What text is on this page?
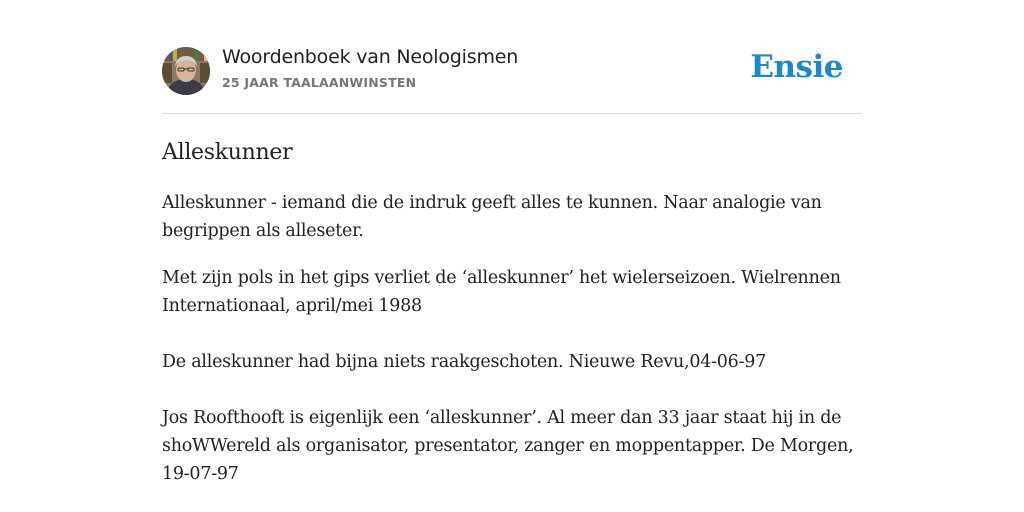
Woordenboek van Neologismen
25 JAAR TAALAANWINSTEN	Ensie
Alleskunner

Alleskunner - iemand die de indruk geeft alles te kunnen. Naar analogie van begrippen als alleseter.

Met zijn pols in het gips verliet de ‘alleskunner’ het wielerseizoen. Wielrennen Internationaal, april/mei 1988

De alleskunner had bijna niets raakgeschoten. Nieuwe Revu,04-06-97

Jos Roofthooft is eigenlijk een ‘alleskunner’. Al meer dan 33 jaar staat hij in de shoWWereld als organisator, presentator, zanger en moppentapper. De Morgen, 19-07-97
